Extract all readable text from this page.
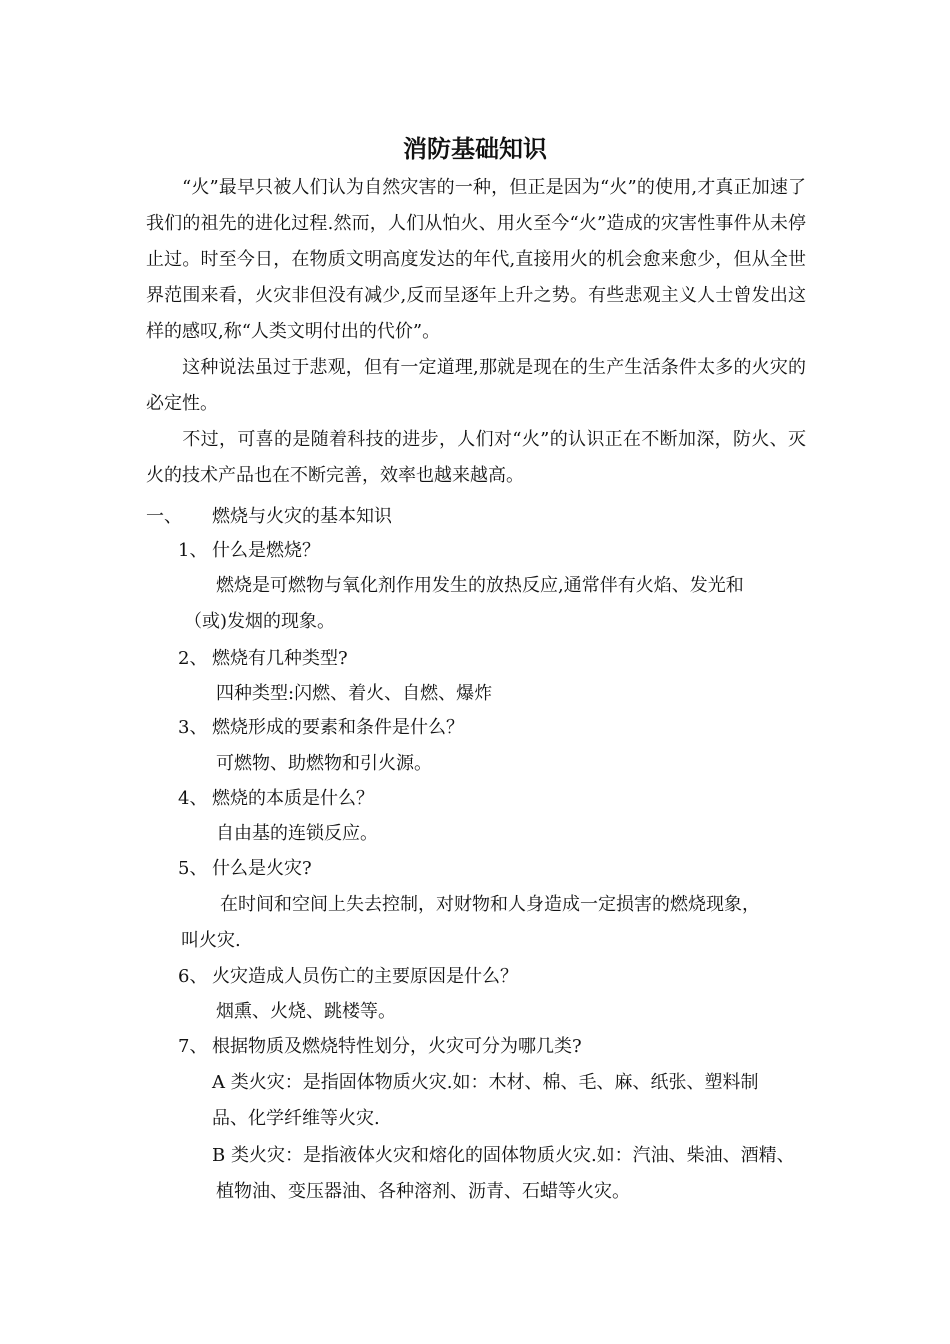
消防基础知识
“火”最早只被人们认为自然灾害的一种，但正是因为“火”的使用,才真正加速了我们的祖先的进化过程.然而，人们从怕火、用火至今“火”造成的灾害性事件从未停止过。时至今日，在物质文明高度发达的年代,直接用火的机会愈来愈少，但从全世界范围来看，火灾非但没有减少,反而呈逐年上升之势。有些悲观主义人士曾发出这样的感叹,称“人类文明付出的代价”。
这种说法虽过于悲观，但有一定道理,那就是现在的生产生活条件太多的火灾的必定性。
不过，可喜的是随着科技的进步，人们对“火”的认识正在不断加深，防火、灭火的技术产品也在不断完善，效率也越来越高。
一、 燃烧与火灾的基本知识
1、 什么是燃烧？
燃烧是可燃物与氧化剂作用发生的放热反应,通常伴有火焰、发光和
（或)发烟的现象。
2、 燃烧有几种类型?
四种类型:闪燃、着火、自燃、爆炸
3、 燃烧形成的要素和条件是什么？
可燃物、助燃物和引火源。
4、 燃烧的本质是什么？
自由基的连锁反应。
5、 什么是火灾?
在时间和空间上失去控制，对财物和人身造成一定损害的燃烧现象，
叫火灾.
6、 火灾造成人员伤亡的主要原因是什么？
烟熏、火烧、跳楼等。
7、 根据物质及燃烧特性划分，火灾可分为哪几类?
A 类火灾：是指固体物质火灾.如：木材、棉、毛、麻、纸张、塑料制
品、化学纤维等火灾.
B 类火灾：是指液体火灾和熔化的固体物质火灾.如：汽油、柴油、酒精、
植物油、变压器油、各种溶剂、沥青、石蜡等火灾。
